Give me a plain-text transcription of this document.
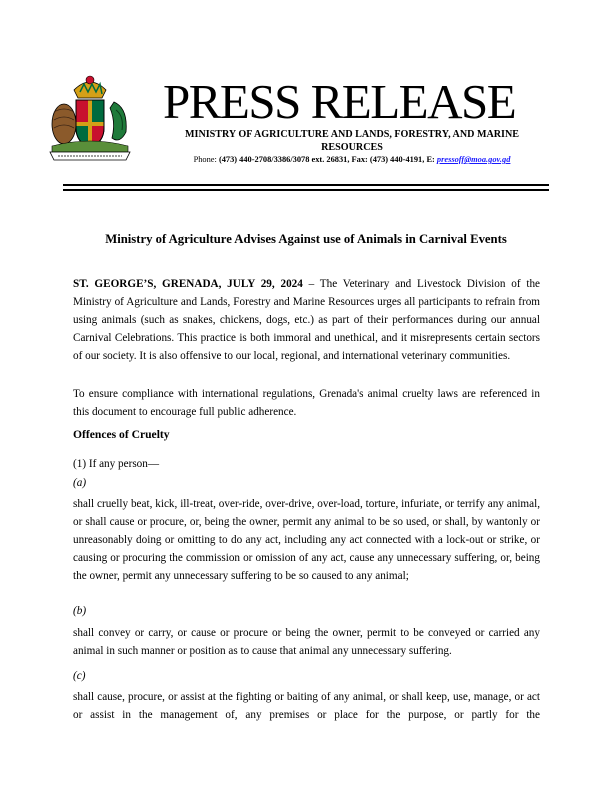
PRESS RELEASE
MINISTRY OF AGRICULTURE AND LANDS, FORESTRY, AND MARINE RESOURCES
Phone: (473) 440-2708/3386/3078 ext. 26831, Fax: (473) 440-4191, E: pressoff@moa.gov.gd
Ministry of Agriculture Advises Against use of Animals in Carnival Events
ST. GEORGE’S, GRENADA, JULY 29, 2024 – The Veterinary and Livestock Division of the Ministry of Agriculture and Lands, Forestry and Marine Resources urges all participants to refrain from using animals (such as snakes, chickens, dogs, etc.) as part of their performances during our annual Carnival Celebrations. This practice is both immoral and unethical, and it misrepresents certain sectors of our society. It is also offensive to our local, regional, and international veterinary communities.
To ensure compliance with international regulations, Grenada's animal cruelty laws are referenced in this document to encourage full public adherence.
Offences of Cruelty
(1) If any person—
(a)
shall cruelly beat, kick, ill-treat, over-ride, over-drive, over-load, torture, infuriate, or terrify any animal, or shall cause or procure, or, being the owner, permit any animal to be so used, or shall, by wantonly or unreasonably doing or omitting to do any act, including any act connected with a lock-out or strike, or causing or procuring the commission or omission of any act, cause any unnecessary suffering, or, being the owner, permit any unnecessary suffering to be so caused to any animal;
(b)
shall convey or carry, or cause or procure or being the owner, permit to be conveyed or carried any animal in such manner or position as to cause that animal any unnecessary suffering.
(c)
shall cause, procure, or assist at the fighting or baiting of any animal, or shall keep, use, manage, or act or assist in the management of, any premises or place for the purpose, or partly for the
